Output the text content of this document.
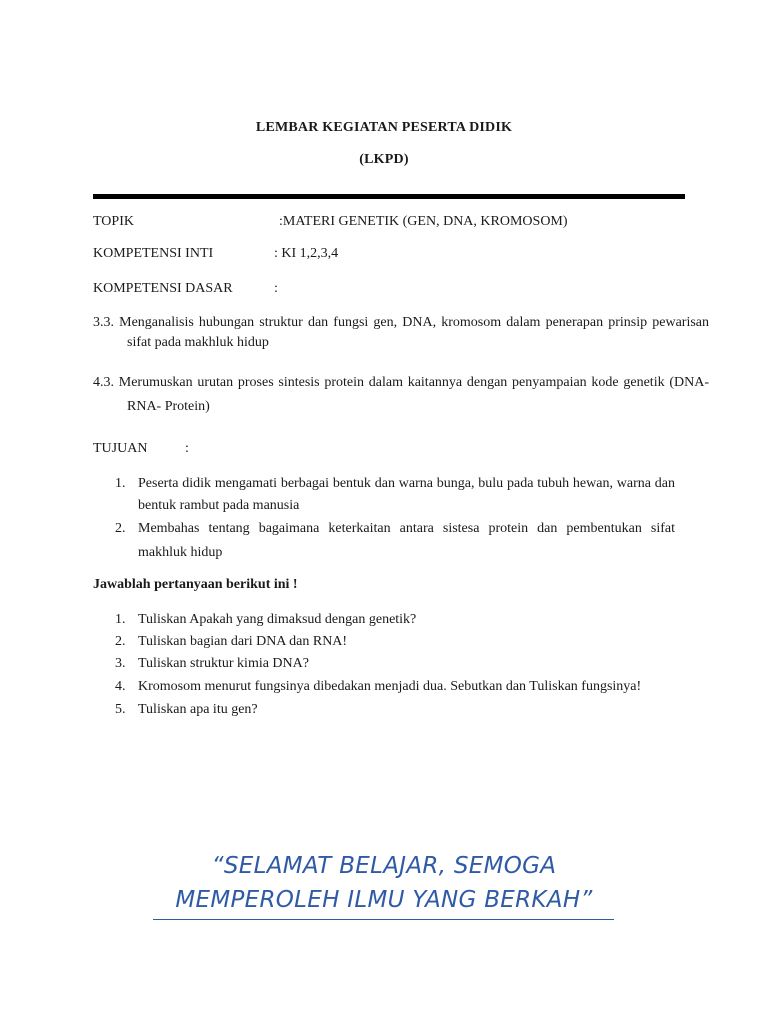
LEMBAR KEGIATAN PESERTA DIDIK
(LKPD)
TOPIK	:MATERI GENETIK (GEN, DNA, KROMOSOM)
KOMPETENSI INTI	: KI 1,2,3,4
KOMPETENSI DASAR	:
3.3. Menganalisis hubungan struktur dan fungsi gen, DNA, kromosom dalam penerapan prinsip pewarisan sifat pada makhluk hidup
4.3. Merumuskan urutan proses sintesis protein dalam kaitannya dengan penyampaian kode genetik (DNA-RNA- Protein)
TUJUAN	:
1. Peserta didik mengamati berbagai bentuk dan warna bunga, bulu pada tubuh hewan, warna dan bentuk rambut pada manusia
2. Membahas tentang bagaimana keterkaitan antara sistesa protein dan pembentukan sifat makhluk hidup
Jawablah pertanyaan berikut ini !
1. Tuliskan Apakah yang dimaksud dengan genetik?
2. Tuliskan bagian dari DNA dan RNA!
3. Tuliskan struktur kimia DNA?
4. Kromosom menurut fungsinya dibedakan menjadi dua. Sebutkan dan Tuliskan fungsinya!
5. Tuliskan apa itu gen?
“SELAMAT BELAJAR, SEMOGA
MEMPEROLEH ILMU YANG BERKAH”
